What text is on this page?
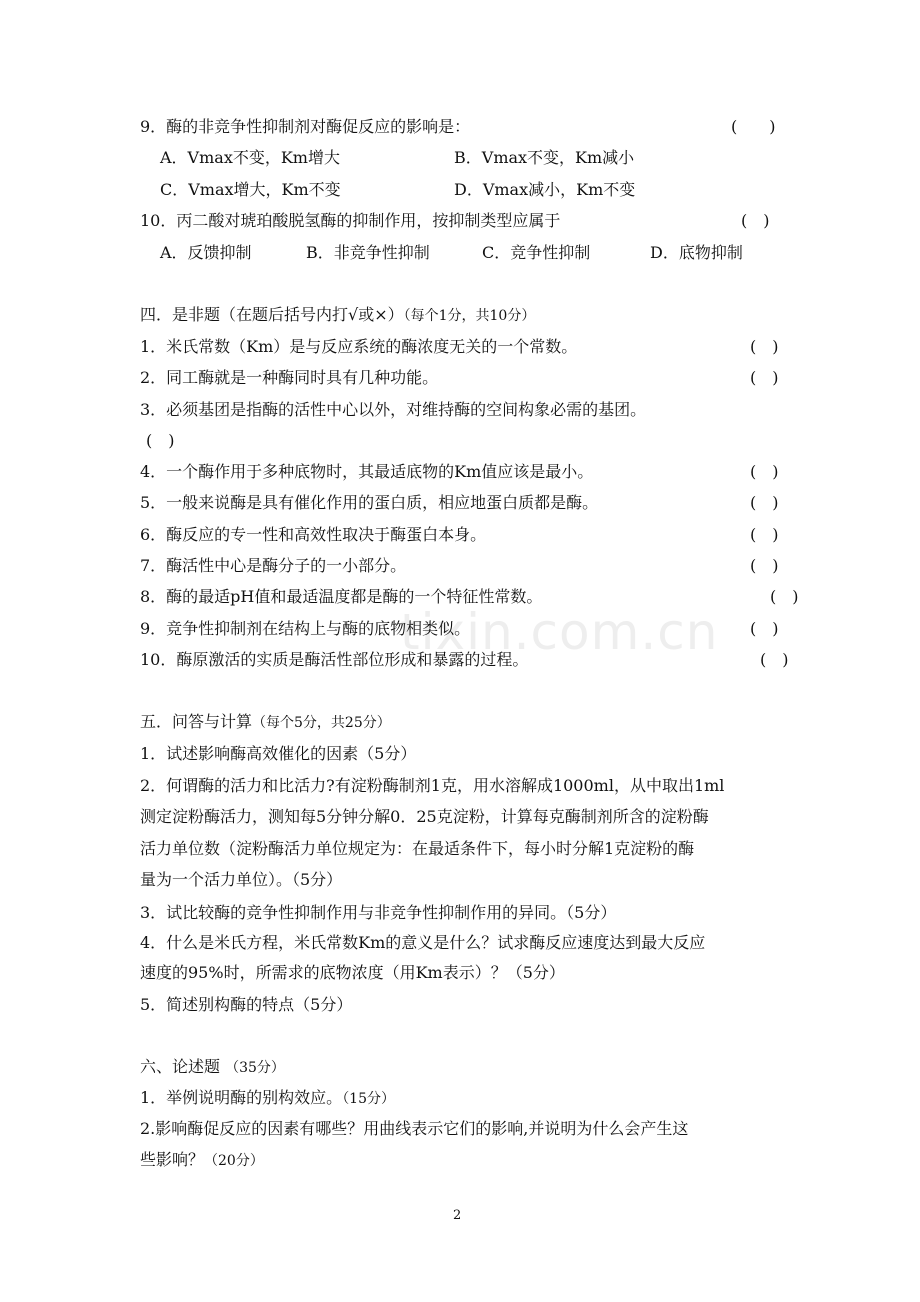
tixin.com.cn
9．酶的非竞争性抑制剂对酶促反应的影响是：	(　　)
A．Vmax不变，Km增大	B．Vmax不变，Km减小
C．Vmax增大，Km不变	D．Vmax减小，Km不变
10．丙二酸对琥珀酸脱氢酶的抑制作用，按抑制类型应属于	(　)
A．反馈抑制	B．非竞争性抑制	C．竞争性抑制	D．底物抑制
四．是非题（在题后括号内打√或×）（每个1分，共10分）
1．米氏常数（Km）是与反应系统的酶浓度无关的一个常数。	(　)
2．同工酶就是一种酶同时具有几种功能。	(　)
3．必须基团是指酶的活性中心以外，对维持酶的空间构象必需的基团。
(　)
4．一个酶作用于多种底物时，其最适底物的Km值应该是最小。	(　)
5．一般来说酶是具有催化作用的蛋白质，相应地蛋白质都是酶。	(　)
6．酶反应的专一性和高效性取决于酶蛋白本身。	(　)
7．酶活性中心是酶分子的一小部分。	(　)
8．酶的最适pH值和最适温度都是酶的一个特征性常数。	(　)
9．竞争性抑制剂在结构上与酶的底物相类似。	(　)
10．酶原激活的实质是酶活性部位形成和暴露的过程。	(　)
五．问答与计算（每个5分，共25分）
1．试述影响酶高效催化的因素（5分）
2．何谓酶的活力和比活力?有淀粉酶制剂1克，用水溶解成1000ml，从中取出1ml
测定淀粉酶活力，测知每5分钟分解0．25克淀粉，计算每克酶制剂所含的淀粉酶
活力单位数（淀粉酶活力单位规定为：在最适条件下，每小时分解1克淀粉的酶
量为一个活力单位）。（5分）
3．试比较酶的竞争性抑制作用与非竞争性抑制作用的异同。（5分）
4．什么是米氏方程，米氏常数Km的意义是什么？试求酶反应速度达到最大反应
速度的95%时，所需求的底物浓度（用Km表示）？（5分）
5．简述别构酶的特点（5分）
六、论述题 （35分）
1．举例说明酶的别构效应。（15分）
2.影响酶促反应的因素有哪些？用曲线表示它们的影响,并说明为什么会产生这
些影响？（20分）
2
